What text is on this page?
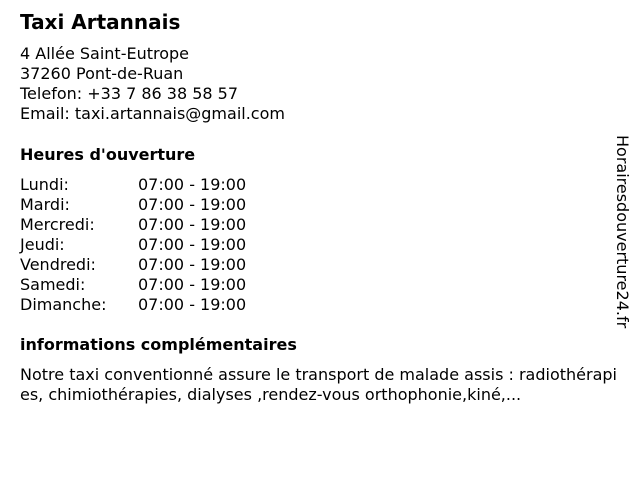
Taxi Artannais
4 Allée Saint-Eutrope
37260 Pont-de-Ruan
Telefon: +33 7 86 38 58 57
Email: taxi.artannais@gmail.com
Heures d'ouverture
Lundi:	07:00 - 19:00
Mardi:	07:00 - 19:00
Mercredi:	07:00 - 19:00
Jeudi:	07:00 - 19:00
Vendredi:	07:00 - 19:00
Samedi:	07:00 - 19:00
Dimanche:	07:00 - 19:00
informations complémentaires
Notre taxi conventionné assure le transport de malade assis : radiothérapies, chimiothérapies, dialyses ,rendez-vous orthophonie,kiné,...
Horairesdouverture24.fr
